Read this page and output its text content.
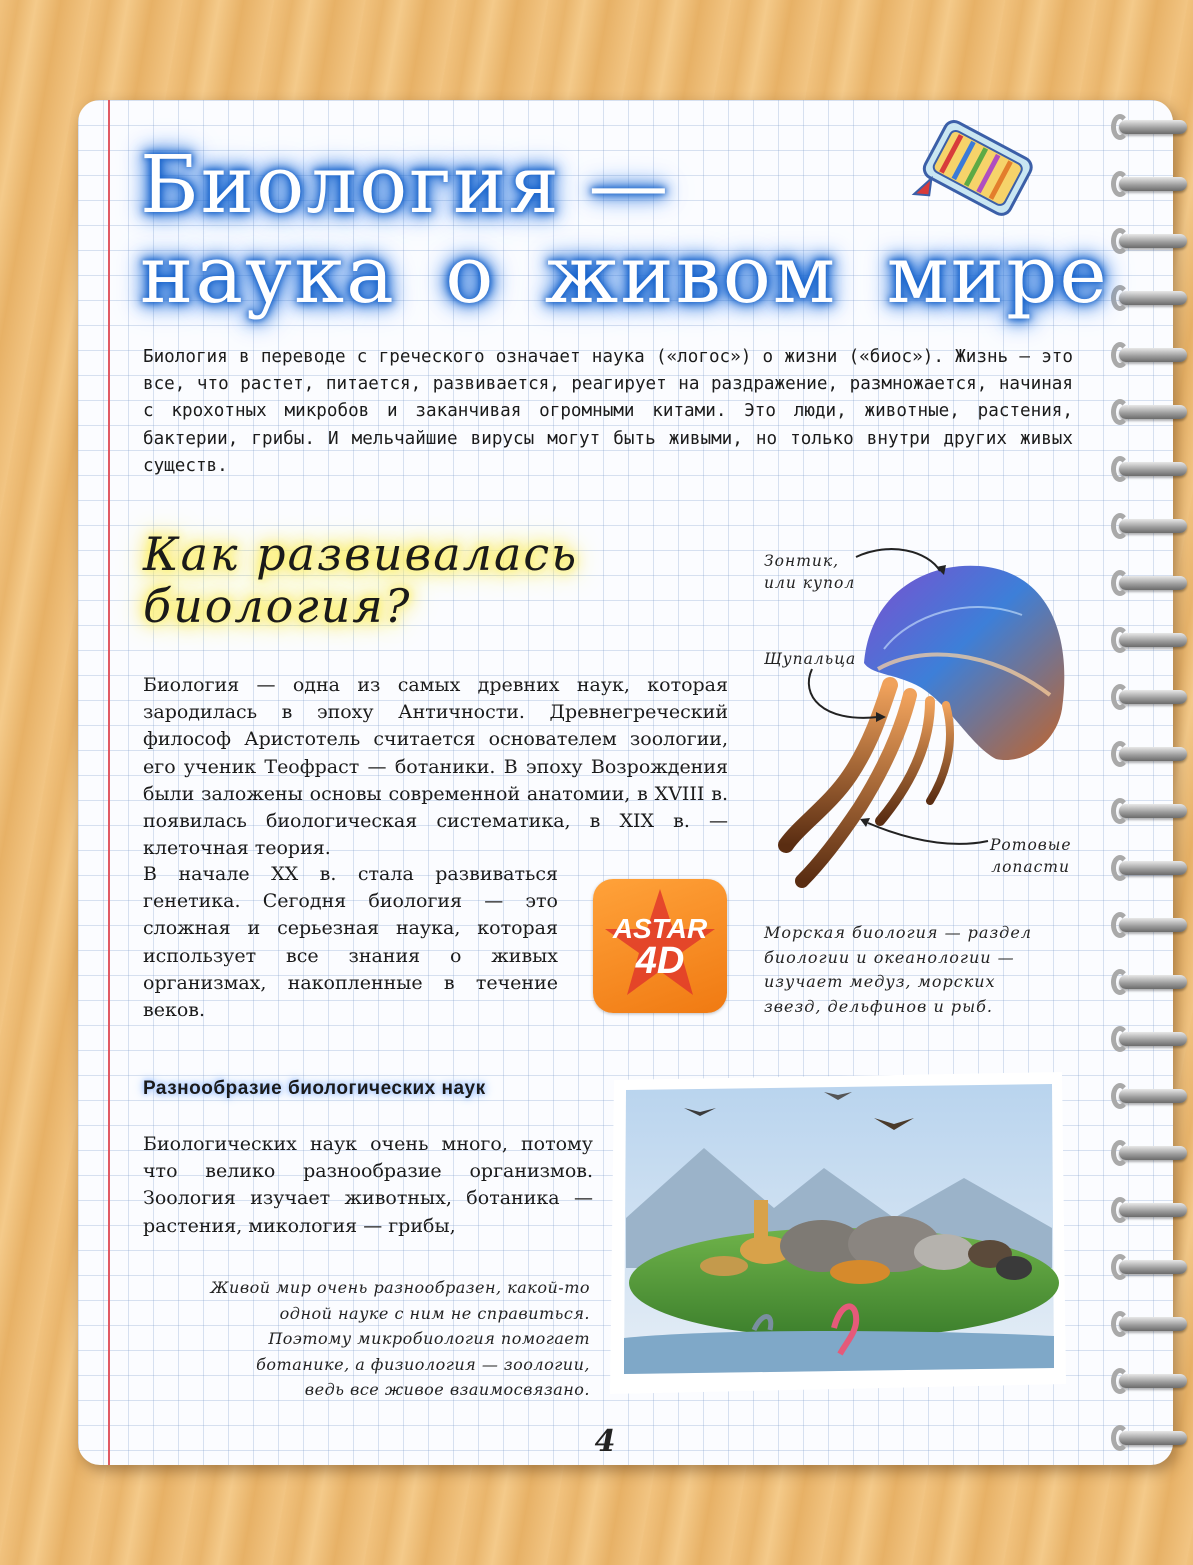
Биология —
наука о живом мире

Биология в переводе с греческого означает наука («логос») о жизни («биос»). Жизнь — это все, что растет, питается, развивается, реагирует на раздражение, размножается, начиная с крохотных микробов и заканчивая огромными китами. Это люди, животные, растения, бактерии, грибы. И мельчайшие вирусы могут быть живыми, но только внутри других живых существ.

Как развивалась
биология?

Биология — одна из самых древних наук, которая зародилась в эпоху Античности. Древнегреческий философ Аристотель считается основателем зоологии, его ученик Теофраст — ботаники. В эпоху Возрождения были заложены основы современной анатомии, в XVIII в. появилась биологическая систематика, в XIX в. — клеточная теория.

В начале XX в. стала развиваться генетика. Сегодня биология — это сложная и серьезная наука, которая использует все знания о живых организмах, накопленные в течение веков.

ASTAR
4D

Зонтик,
или купол

Щупальца

Ротовые
лопасти

Морская биология — раздел
биологии и океанологии —
изучает медуз, морских
звезд, дельфинов и рыб.

Разнообразие биологических наук

Биологических наук очень много, потому что велико разнообразие организмов. Зоология изучает животных, ботаника — растения, микология — грибы,

Живой мир очень разнообразен, какой-то
одной науке с ним не справиться.
Поэтому микробиология помогает
ботанике, а физиология — зоологии,
ведь все живое взаимосвязано.

4
